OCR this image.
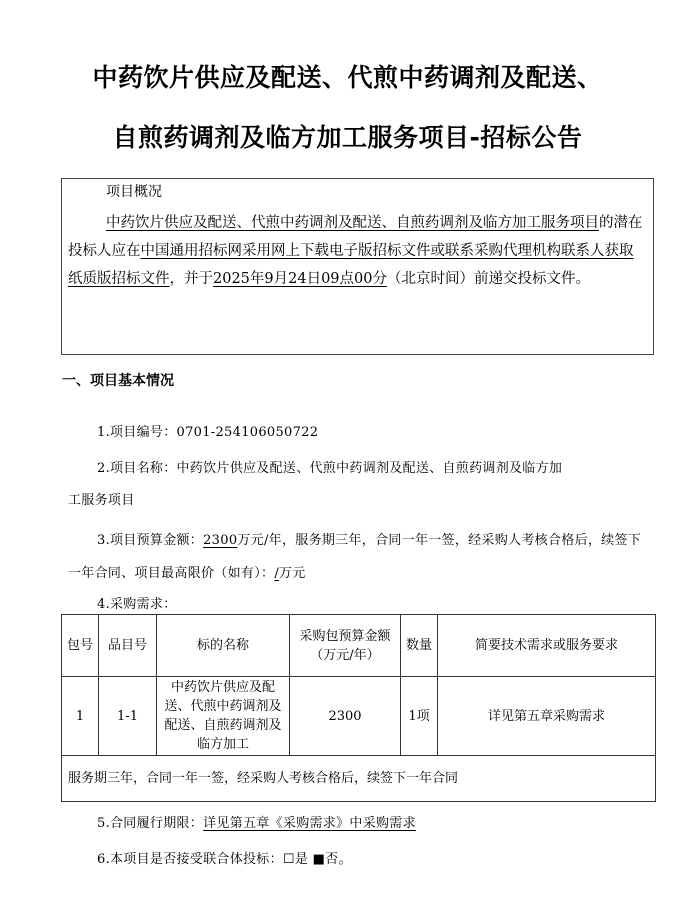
中药饮片供应及配送、代煎中药调剂及配送、
自煎药调剂及临方加工服务项目-招标公告
项目概况
中药饮片供应及配送、代煎中药调剂及配送、自煎药调剂及临方加工服务项目的潜在投标人应在中国通用招标网采用网上下载电子版招标文件或联系采购代理机构联系人获取纸质版招标文件，并于2025年9月24日09点00分（北京时间）前递交投标文件。
一、项目基本情况
1.项目编号：0701-254106050722
2.项目名称：中药饮片供应及配送、代煎中药调剂及配送、自煎药调剂及临方加
工服务项目
3.项目预算金额：2300万元/年，服务期三年，合同一年一签，经采购人考核合格后，续签下一年合同、项目最高限价（如有）：/万元
4.采购需求：
包号	品目号	标的名称	采购包预算金额（万元/年）	数量	简要技术需求或服务要求
1	1-1	中药饮片供应及配送、代煎中药调剂及配送、自煎药调剂及临方加工	2300	1项	详见第五章采购需求
服务期三年，合同一年一签，经采购人考核合格后，续签下一年合同					
5.合同履行期限：详见第五章《采购需求》中采购需求
6.本项目是否接受联合体投标：☐是 ■否。
